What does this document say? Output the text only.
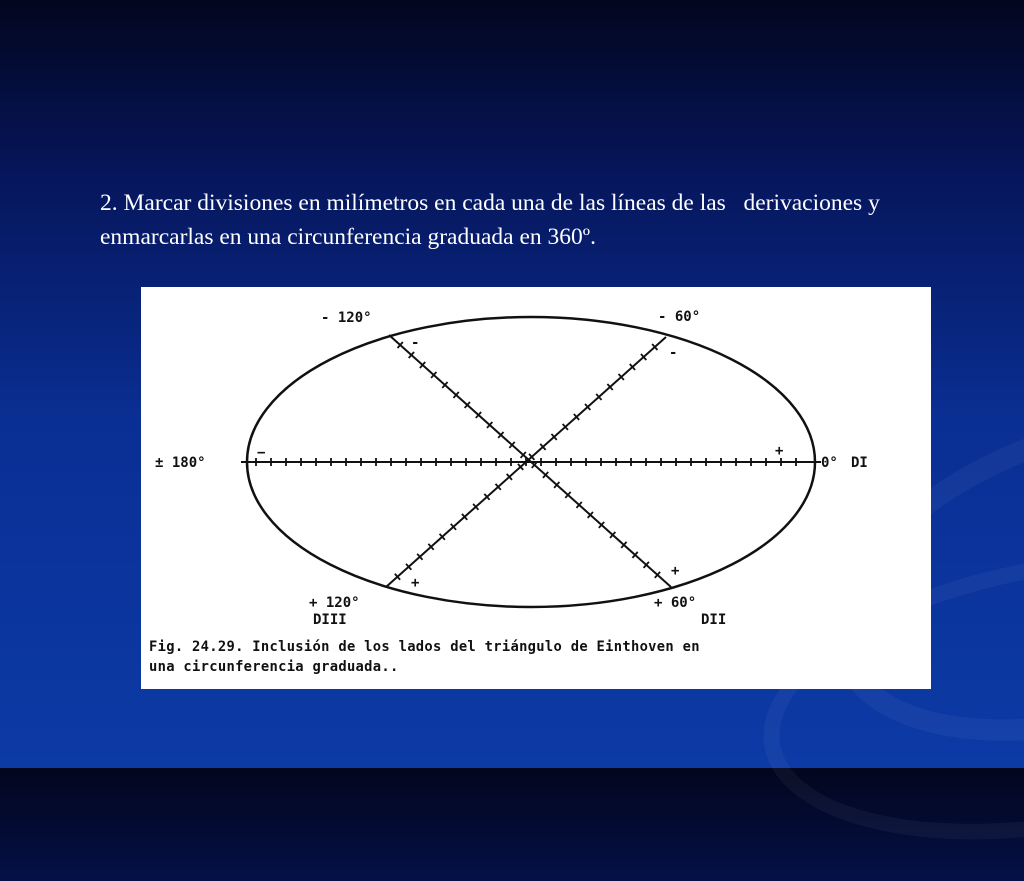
2. Marcar divisiones en milímetros en cada una de las líneas de las   derivaciones y

enmarcarlas en una circunferencia graduada en 360º.

- 120°	- 60°
± 180°	0° DI
+ 120°
DIII
+ 60°
DII
−	+
-
-
+
+
Fig. 24.29. Inclusión de los lados del triángulo de Einthoven en
una circunferencia graduada..
